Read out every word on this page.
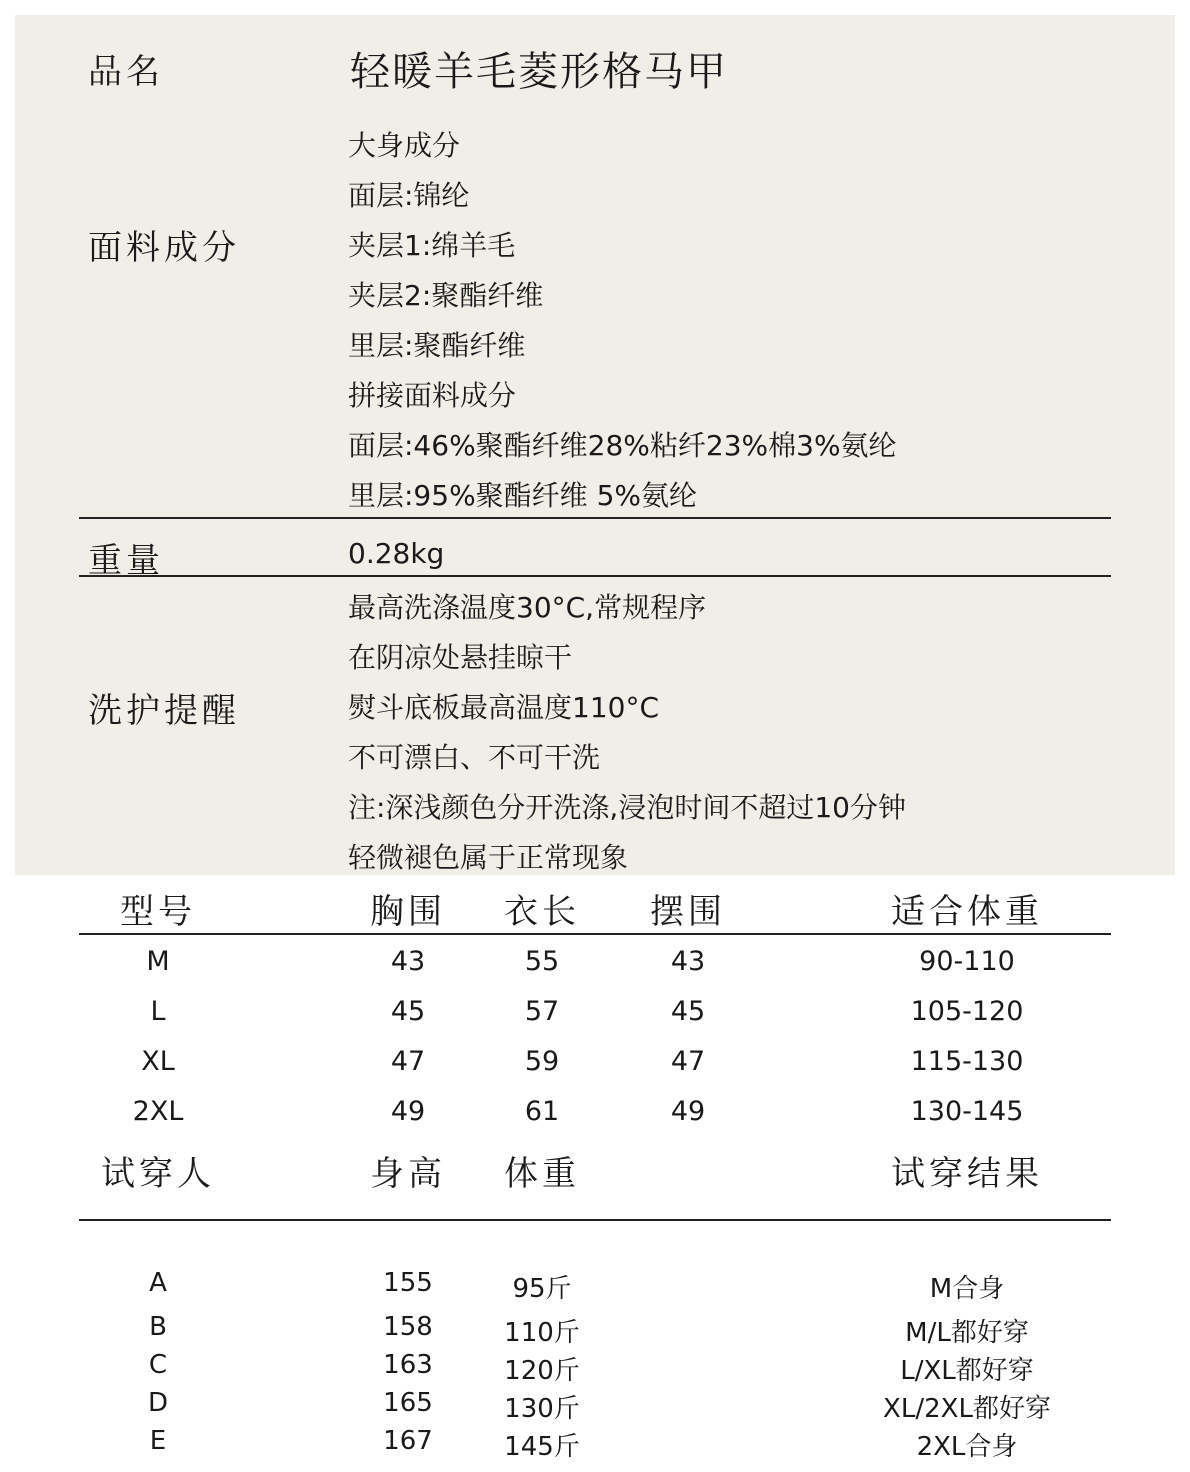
品名	轻暖羊毛菱形格马甲
面料成分
大身成分
面层:锦纶
夹层1:绵羊毛
夹层2:聚酯纤维
里层:聚酯纤维
拼接面料成分
面层:46%聚酯纤维28%粘纤23%棉3%氨纶
里层:95%聚酯纤维 5%氨纶
重量	0.28kg
洗护提醒
最高洗涤温度30°C,常规程序
在阴凉处悬挂晾干
熨斗底板最高温度110°C
不可漂白、不可干洗
注:深浅颜色分开洗涤,浸泡时间不超过10分钟
轻微褪色属于正常现象
型号	胸围	衣长	摆围	适合体重
M	43	55	43	90-110
L	45	57	45	105-120
XL	47	59	47	115-130
2XL	49	61	49	130-145
试穿人	身高	体重	试穿结果
A	155	95斤	M合身
B	158	110斤	M/L都好穿
C	163	120斤	L/XL都好穿
D	165	130斤	XL/2XL都好穿
E	167	145斤	2XL合身
